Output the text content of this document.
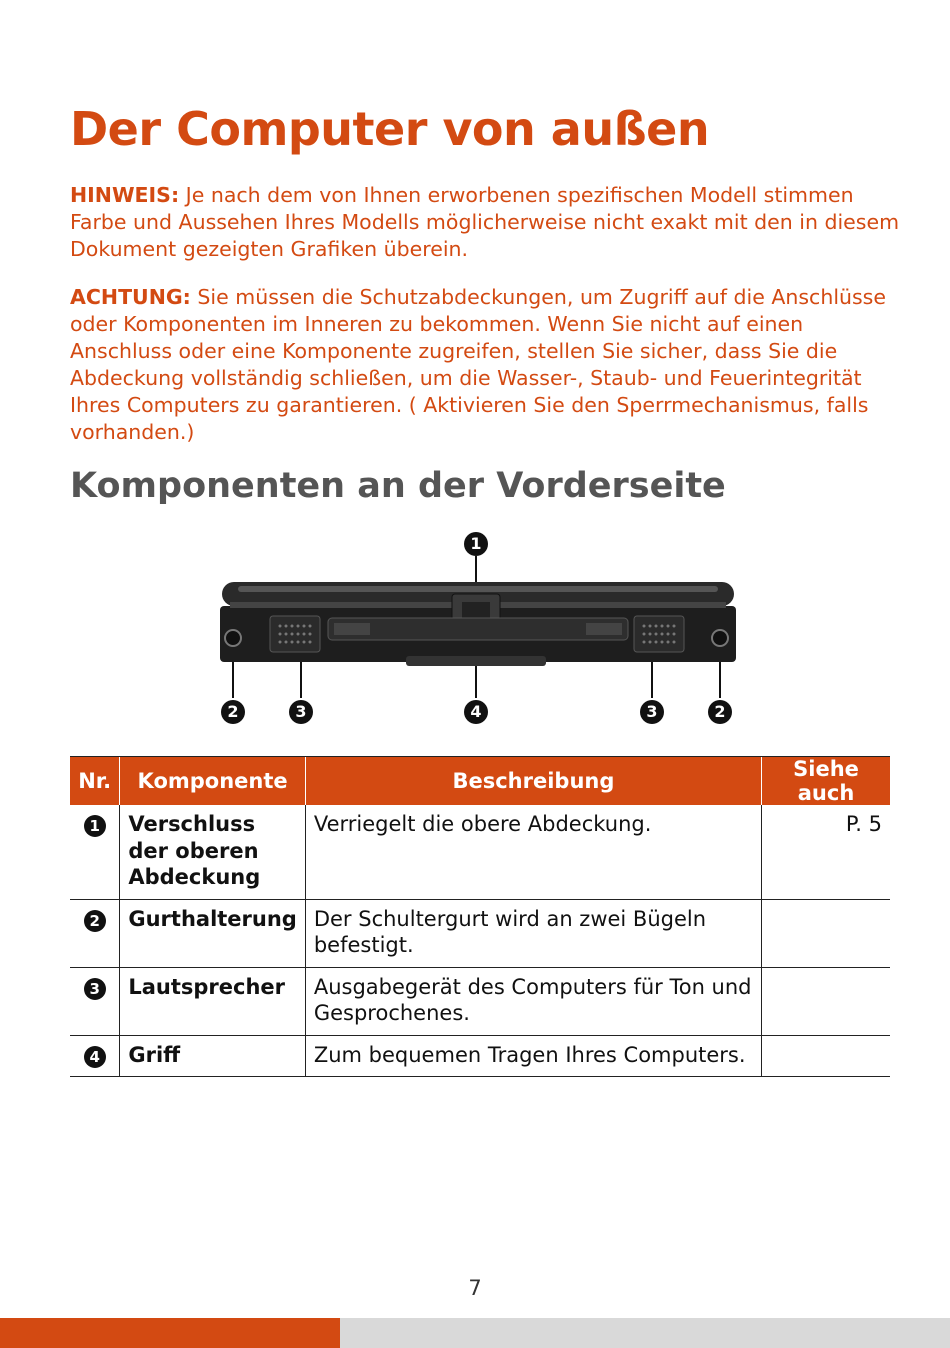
Der Computer von außen

HINWEIS: Je nach dem von Ihnen erworbenen spezifischen Modell stimmen Farbe und Aussehen Ihres Modells möglicherweise nicht exakt mit den in diesem Dokument gezeigten Grafiken überein.

ACHTUNG: Sie müssen die Schutzabdeckungen, um Zugriff auf die Anschlüsse oder Komponenten im Inneren zu bekommen. Wenn Sie nicht auf einen Anschluss oder eine Komponente zugreifen, stellen Sie sicher, dass Sie die Abdeckung vollständig schließen, um die Wasser-, Staub- und Feuerintegrität Ihres Computers zu garantieren. ( Aktivieren Sie den Sperrmechanismus, falls vorhanden.)

Komponenten an der Vorderseite
1
2	3	4	3	2
Nr.	Komponente	Beschreibung	Siehe auch
1	Verschluss der oberen Abdeckung	Verriegelt die obere Abdeckung.	P. 5
2	Gurthalterung	Der Schultergurt wird an zwei Bügeln befestigt.	
3	Lautsprecher	Ausgabegerät des Computers für Ton und Gesprochenes.	
4	Griff	Zum bequemen Tragen Ihres Computers.	
7
